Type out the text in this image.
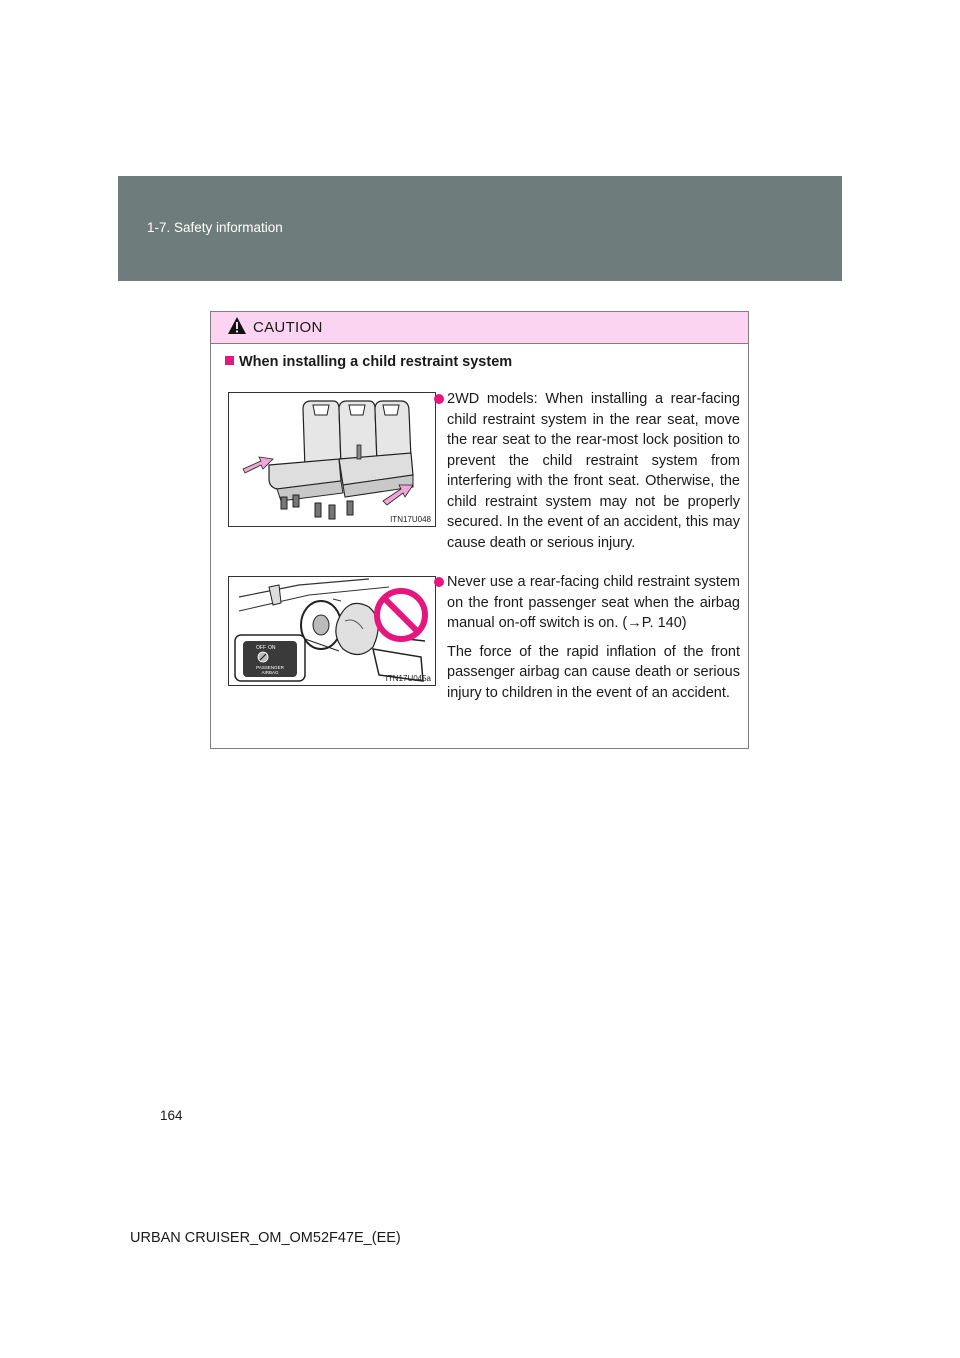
1-7. Safety information
CAUTION
When installing a child restraint system
ITN17U048
2WD models: When installing a rear-facing child restraint system in the rear seat, move the rear seat to the rear-most lock position to prevent the child restraint system from interfering with the front seat. Otherwise, the child restraint system may not be properly secured. In the event of an accident, this may cause death or serious injury.
OFF ON
PASSENGER
AIRBAG
ITN17U045a

Never use a rear-facing child restraint system on the front passenger seat when the airbag manual on-off switch is on. (→P. 140)

The force of the rapid inflation of the front passenger airbag can cause death or serious injury to children in the event of an accident.

164
URBAN CRUISER_OM_OM52F47E_(EE)
